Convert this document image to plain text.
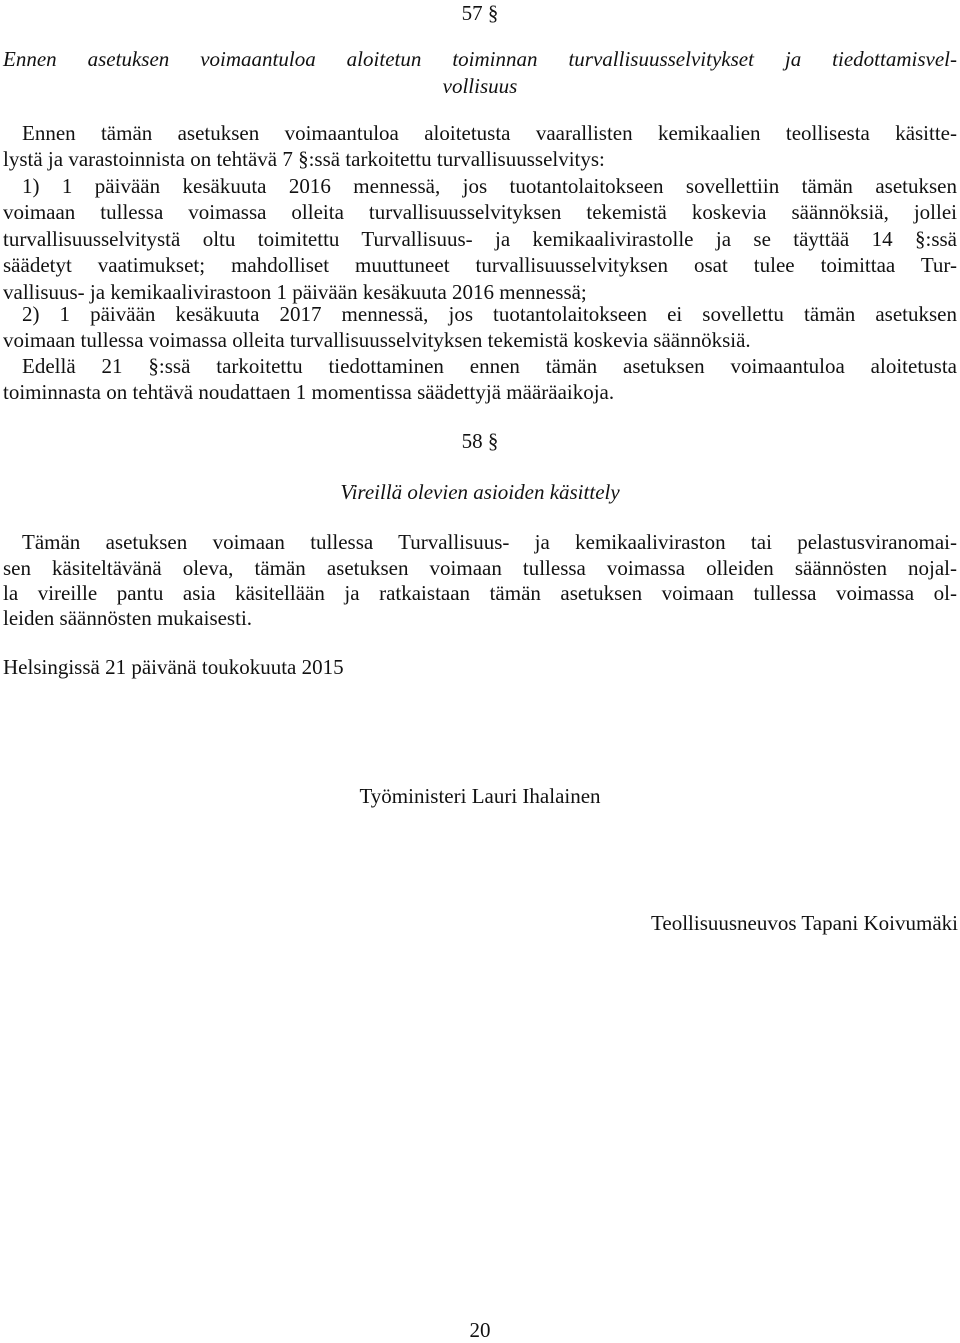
57 §
Ennen asetuksen voimaantuloa aloitetun toiminnan turvallisuusselvitykset ja tiedottamisvel-
vollisuus
Ennen tämän asetuksen voimaantuloa aloitetusta vaarallisten kemikaalien teollisesta käsitte-
lystä ja varastoinnista on tehtävä 7 §:ssä tarkoitettu turvallisuusselvitys:
1) 1 päivään kesäkuuta 2016 mennessä, jos tuotantolaitokseen sovellettiin tämän asetuksen
voimaan tullessa voimassa olleita turvallisuusselvityksen tekemistä koskevia säännöksiä, jollei
turvallisuusselvitystä oltu toimitettu Turvallisuus- ja kemikaalivirastolle ja se täyttää 14 §:ssä
säädetyt vaatimukset; mahdolliset muuttuneet turvallisuusselvityksen osat tulee toimittaa Tur-
vallisuus- ja kemikaalivirastoon 1 päivään kesäkuuta 2016 mennessä;
2) 1 päivään kesäkuuta 2017 mennessä, jos tuotantolaitokseen ei sovellettu tämän asetuksen
voimaan tullessa voimassa olleita turvallisuusselvityksen tekemistä koskevia säännöksiä.
Edellä 21 §:ssä tarkoitettu tiedottaminen ennen tämän asetuksen voimaantuloa aloitetusta
toiminnasta on tehtävä noudattaen 1 momentissa säädettyjä määräaikoja.
58 §
Vireillä olevien asioiden käsittely
Tämän asetuksen voimaan tullessa Turvallisuus- ja kemikaaliviraston tai pelastusviranomai-
sen käsiteltävänä oleva, tämän asetuksen voimaan tullessa voimassa olleiden säännösten nojal-
la vireille pantu asia käsitellään ja ratkaistaan tämän asetuksen voimaan tullessa voimassa ol-
leiden säännösten mukaisesti.
Helsingissä 21 päivänä toukokuuta 2015
Työministeri Lauri Ihalainen
Teollisuusneuvos Tapani Koivumäki
20
